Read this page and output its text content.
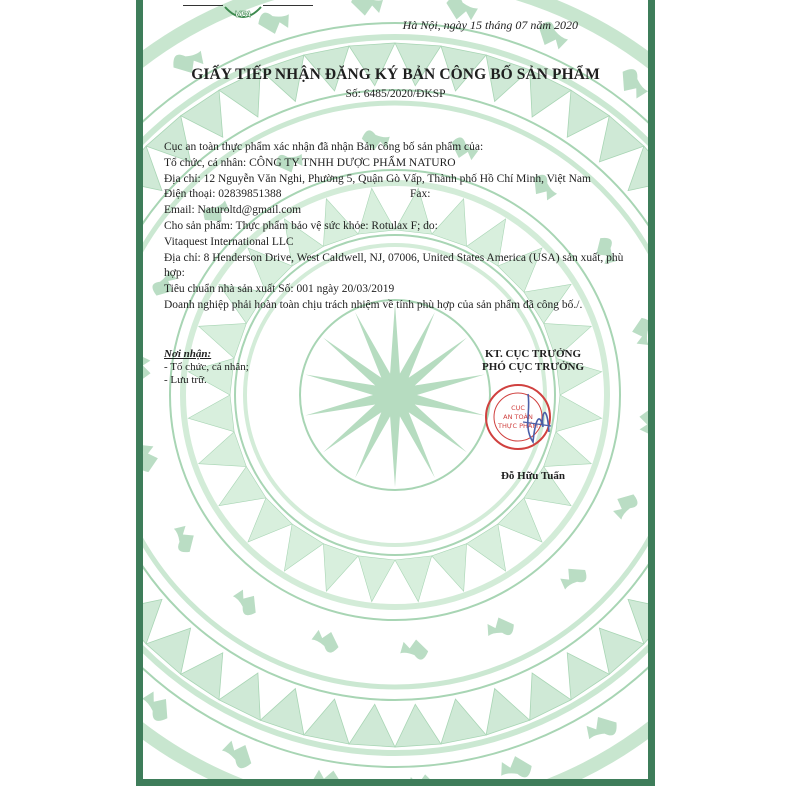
VFA
Hà Nội, ngày 15 tháng 07 năm 2020
GIẤY TIẾP NHẬN ĐĂNG KÝ BẢN CÔNG BỐ SẢN PHẨM
Số: 6485/2020/ĐKSP
Cục an toàn thực phẩm xác nhận đã nhận Bản công bố sản phẩm của:
Tổ chức, cá nhân: CÔNG TY TNHH DƯỢC PHẨM NATURO
Địa chỉ: 12 Nguyễn Văn Nghi, Phường 5, Quận Gò Vấp, Thành phố Hồ Chí Minh, Việt Nam
Điện thoại: 02839851388	Fax:
Email: Naturoltd@gmail.com
Cho sản phẩm: Thực phẩm bảo vệ sức khỏe: Rotulax F; do:
Vitaquest International LLC
Địa chỉ: 8 Henderson Drive, West Caldwell, NJ, 07006, United States America (USA) sản xuất, phù hợp:
Tiêu chuẩn nhà sản xuất Số: 001 ngày 20/03/2019
Doanh nghiệp phải hoàn toàn chịu trách nhiệm về tính phù hợp của sản phẩm đã công bố./.
Nơi nhận:
- Tổ chức, cá nhân;
- Lưu trữ.
KT. CỤC TRƯỞNG
PHÓ CỤC TRƯỞNG
CỤC
AN TOÀN
THỰC PHẨM
Đỗ Hữu Tuấn
